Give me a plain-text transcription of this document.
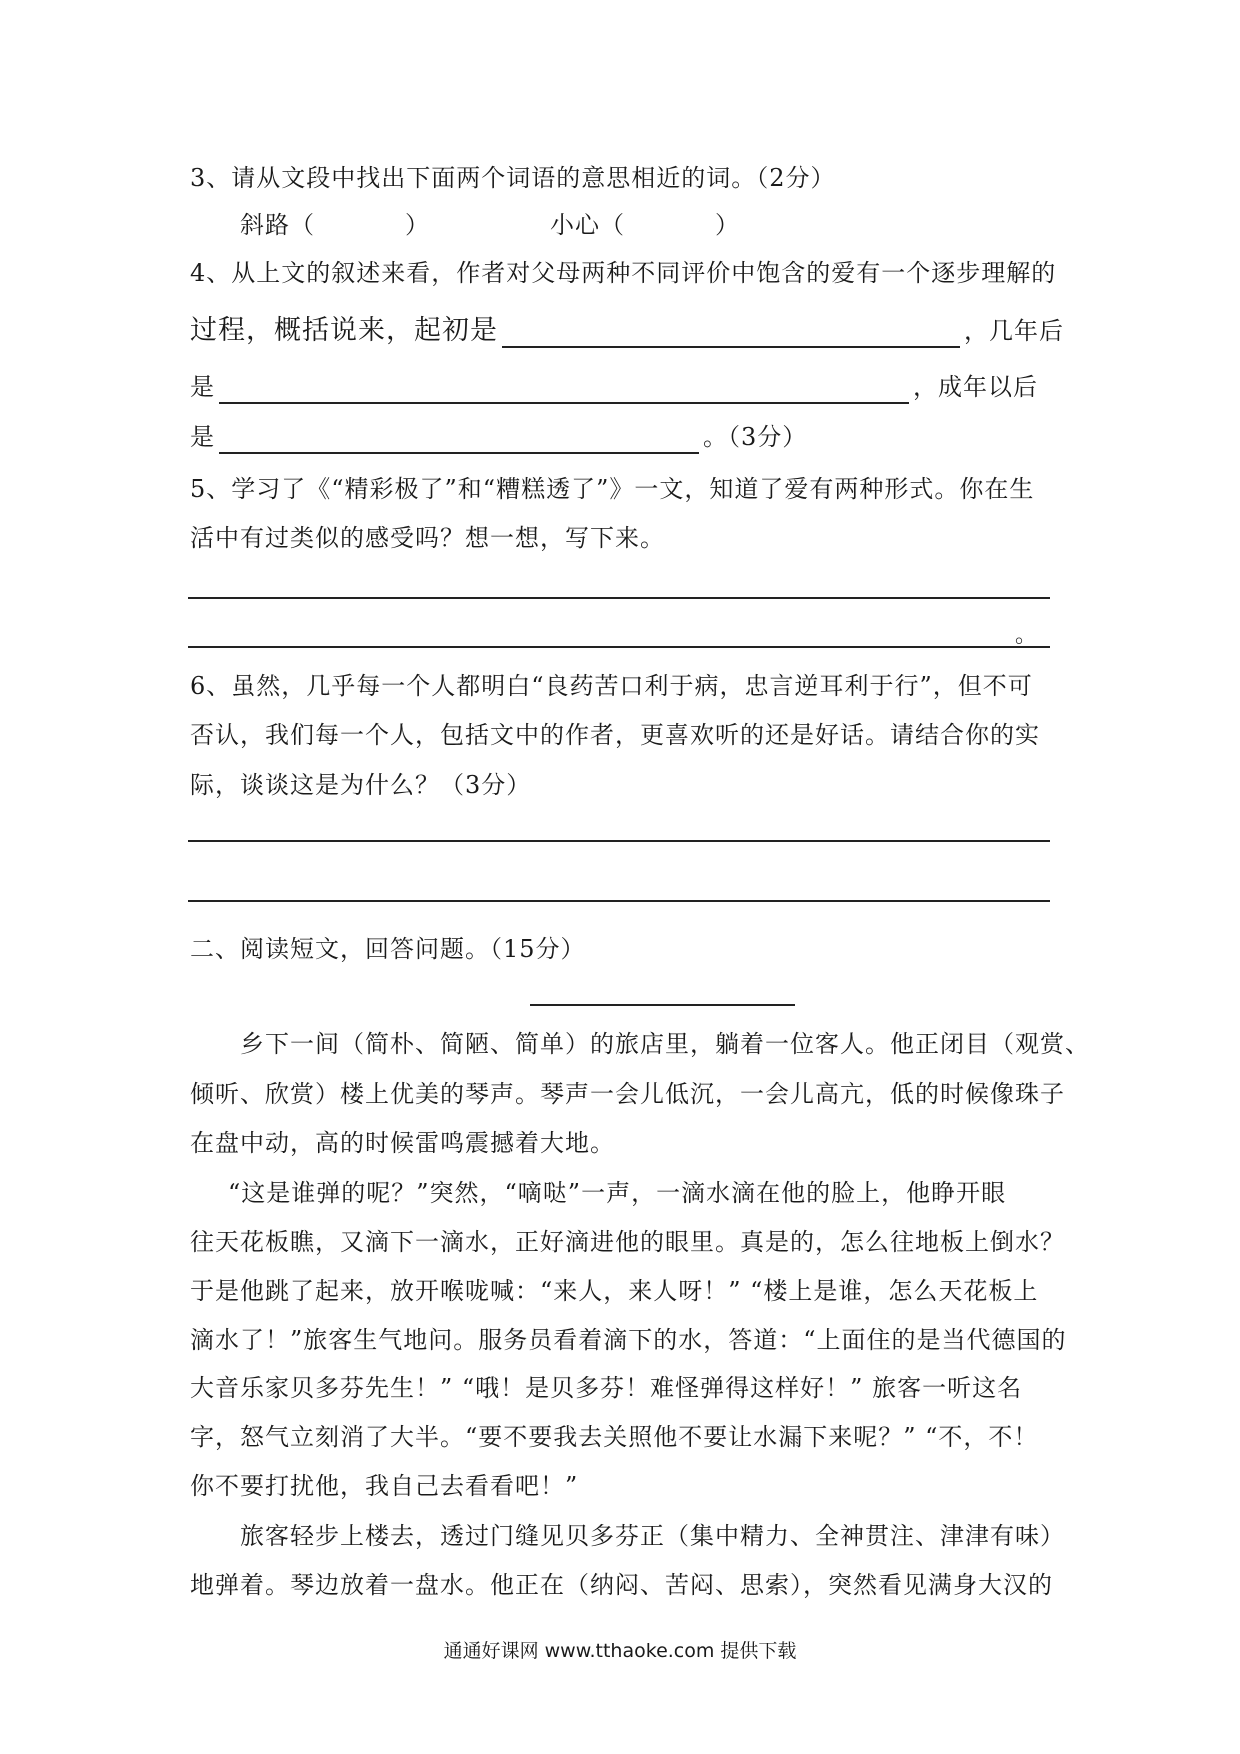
3、请从文段中找出下面两个词语的意思相近的词。（2分）
斜路（	）	小心（	）
4、从上文的叙述来看，作者对父母两种不同评价中饱含的爱有一个逐步理解的
过程，概括说来，起初是	，几年后
是	，成年以后
是	。（3分）
5、学习了《“精彩极了”和“糟糕透了”》一文，知道了爱有两种形式。你在生
活中有过类似的感受吗？想一想，写下来。
。
6、虽然，几乎每一个人都明白“良药苦口利于病，忠言逆耳利于行”，但不可
否认，我们每一个人，包括文中的作者，更喜欢听的还是好话。请结合你的实
际，谈谈这是为什么？（3分）
二、阅读短文，回答问题。（15分）
乡下一间（简朴、简陋、简单）的旅店里，躺着一位客人。他正闭目（观赏、
倾听、欣赏）楼上优美的琴声。琴声一会儿低沉，一会儿高亢，低的时候像珠子
在盘中动，高的时候雷鸣震撼着大地。
“这是谁弹的呢？”突然，“嘀哒”一声，一滴水滴在他的脸上，他睁开眼
往天花板瞧，又滴下一滴水，正好滴进他的眼里。真是的，怎么往地板上倒水？
于是他跳了起来，放开喉咙喊：“来人，来人呀！” “楼上是谁，怎么天花板上
滴水了！”旅客生气地问。服务员看着滴下的水，答道：“上面住的是当代德国的
大音乐家贝多芬先生！” “哦！是贝多芬！难怪弹得这样好！” 旅客一听这名
字，怒气立刻消了大半。“要不要我去关照他不要让水漏下来呢？” “不，不！
你不要打扰他，我自己去看看吧！”
旅客轻步上楼去，透过门缝见贝多芬正（集中精力、全神贯注、津津有味）
地弹着。琴边放着一盘水。他正在（纳闷、苦闷、思索），突然看见满身大汉的
通通好课网 www.tthaoke.com 提供下载
